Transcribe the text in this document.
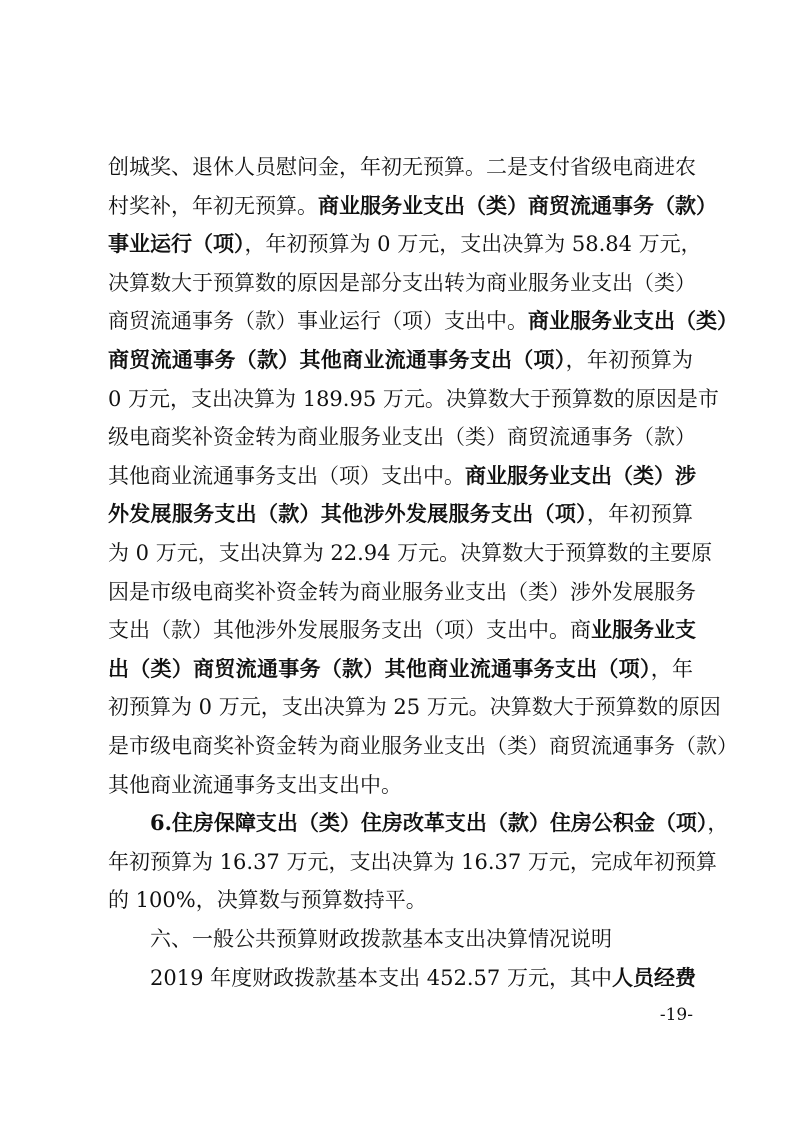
创城奖、退休人员慰问金，年初无预算。二是支付省级电商进农
村奖补，年初无预算。商业服务业支出（类）商贸流通事务（款）
事业运行（项），年初预算为 0 万元，支出决算为 58.84 万元，
决算数大于预算数的原因是部分支出转为商业服务业支出（类）
商贸流通事务（款）事业运行（项）支出中。商业服务业支出（类）
商贸流通事务（款）其他商业流通事务支出（项），年初预算为
0 万元，支出决算为 189.95 万元。决算数大于预算数的原因是市
级电商奖补资金转为商业服务业支出（类）商贸流通事务（款）
其他商业流通事务支出（项）支出中。商业服务业支出（类）涉
外发展服务支出（款）其他涉外发展服务支出（项），年初预算
为 0 万元，支出决算为 22.94 万元。决算数大于预算数的主要原
因是市级电商奖补资金转为商业服务业支出（类）涉外发展服务
支出（款）其他涉外发展服务支出（项）支出中。商业服务业支
出（类）商贸流通事务（款）其他商业流通事务支出（项），年
初预算为 0 万元，支出决算为 25 万元。决算数大于预算数的原因
是市级电商奖补资金转为商业服务业支出（类）商贸流通事务（款）
其他商业流通事务支出支出中。
6.住房保障支出（类）住房改革支出（款）住房公积金（项），
年初预算为 16.37 万元，支出决算为 16.37 万元，完成年初预算
的 100%，决算数与预算数持平。
六、一般公共预算财政拨款基本支出决算情况说明
2019 年度财政拨款基本支出 452.57 万元，其中人员经费
-19-
